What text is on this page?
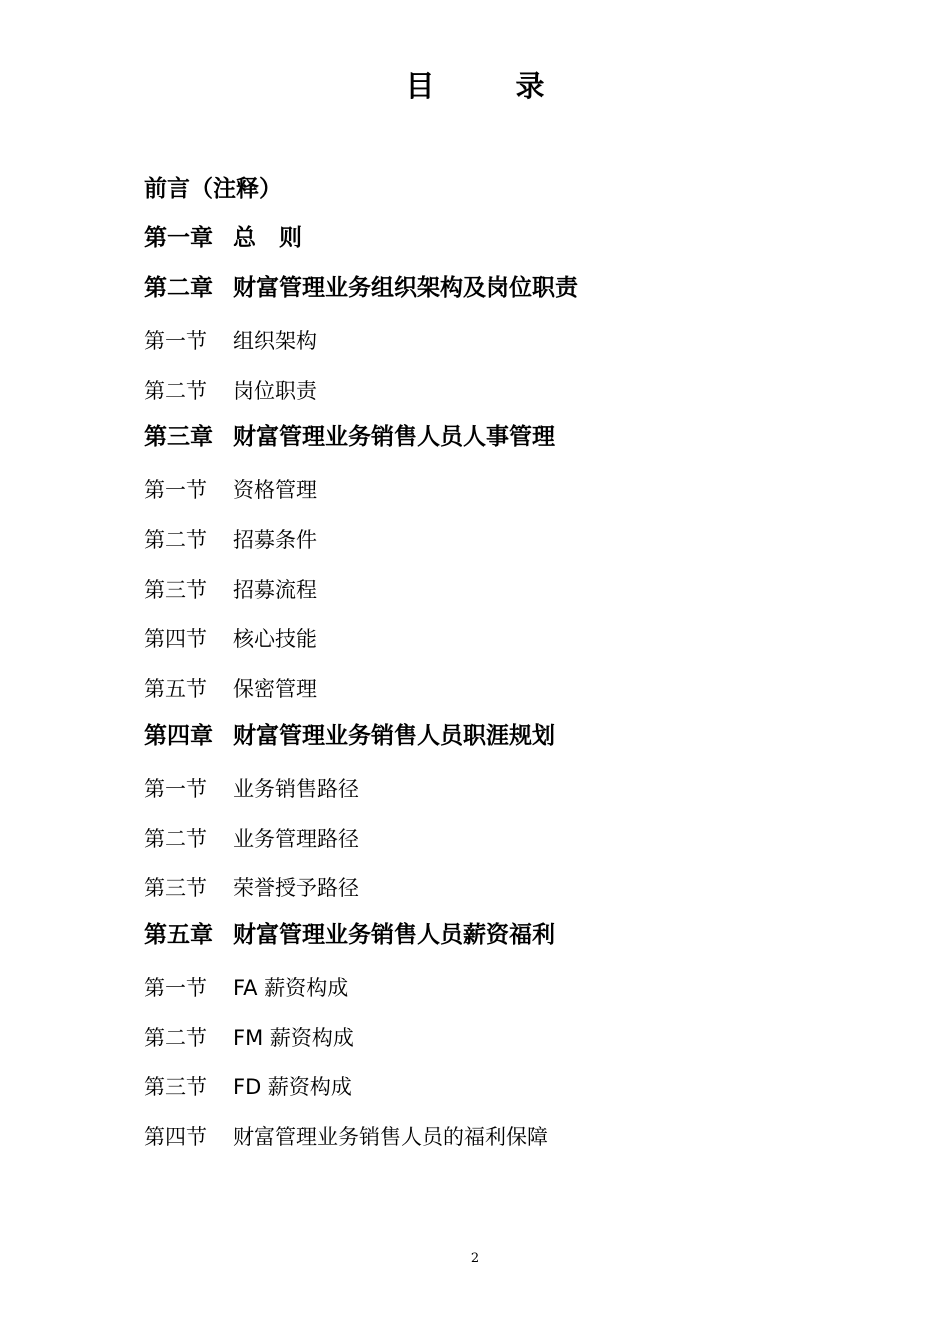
目　录
前言（注释）
第一章 总　则
第二章 财富管理业务组织架构及岗位职责
第一节 组织架构
第二节 岗位职责
第三章 财富管理业务销售人员人事管理
第一节 资格管理
第二节 招募条件
第三节 招募流程
第四节 核心技能
第五节 保密管理
第四章 财富管理业务销售人员职涯规划
第一节 业务销售路径
第二节 业务管理路径
第三节 荣誉授予路径
第五章 财富管理业务销售人员薪资福利
第一节 FA 薪资构成
第二节 FM 薪资构成
第三节 FD 薪资构成
第四节 财富管理业务销售人员的福利保障
2
